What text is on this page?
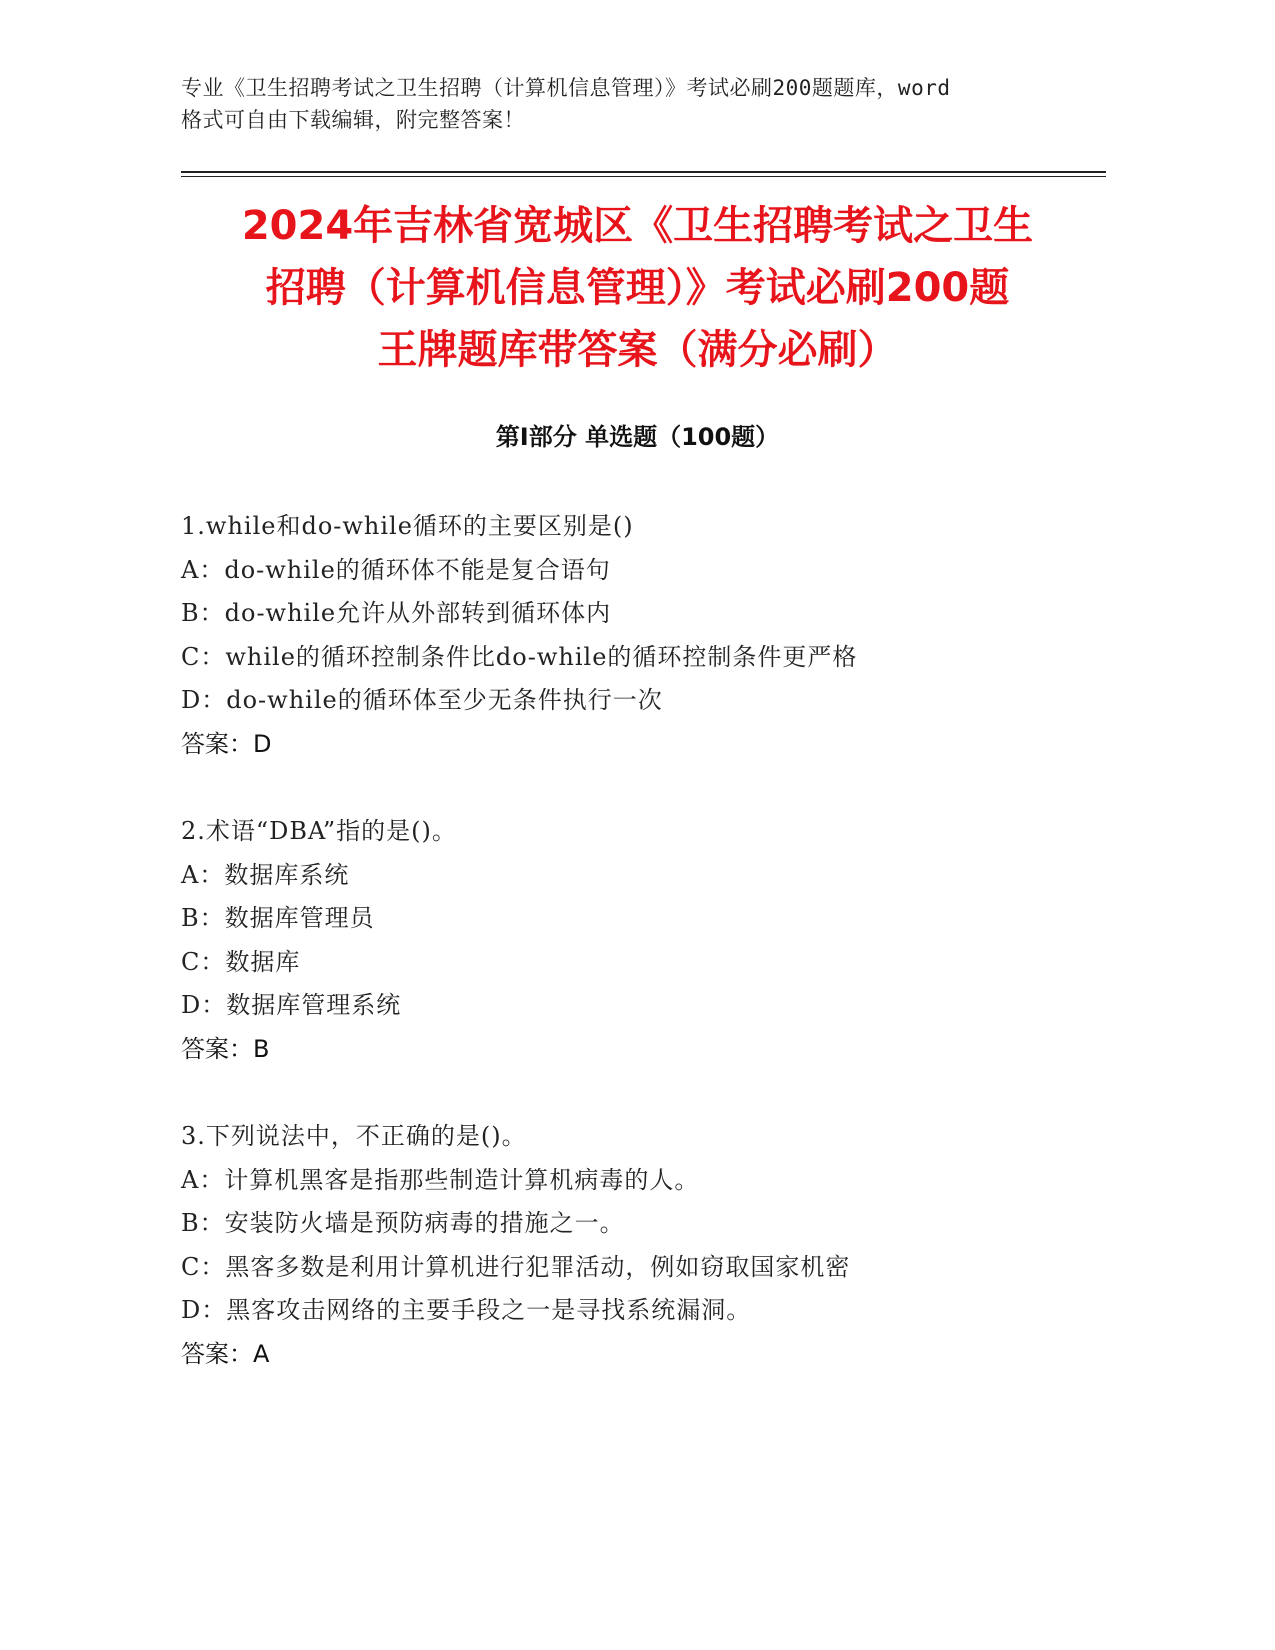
专业《卫生招聘考试之卫生招聘（计算机信息管理）》考试必刷200题题库，word
格式可自由下载编辑，附完整答案！
2024年吉林省宽城区《卫生招聘考试之卫生
招聘（计算机信息管理）》考试必刷200题
王牌题库带答案（满分必刷）
第Ⅰ部分 单选题（100题）
1.while和do-while循环的主要区别是()
A：do-while的循环体不能是复合语句
B：do-while允许从外部转到循环体内
C：while的循环控制条件比do-while的循环控制条件更严格
D：do-while的循环体至少无条件执行一次
答案：D
2.术语“DBA”指的是()。
A：数据库系统
B：数据库管理员
C：数据库
D：数据库管理系统
答案：B
3.下列说法中，不正确的是()。
A：计算机黑客是指那些制造计算机病毒的人。
B：安装防火墙是预防病毒的措施之一。
C：黑客多数是利用计算机进行犯罪活动，例如窃取国家机密
D：黑客攻击网络的主要手段之一是寻找系统漏洞。
答案：A
